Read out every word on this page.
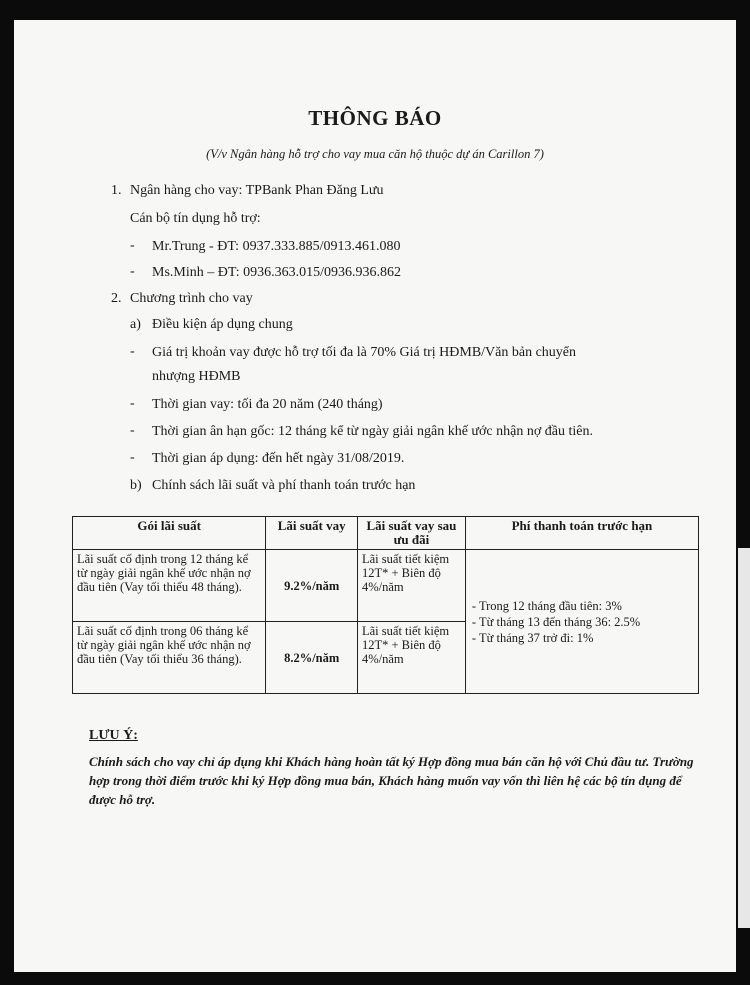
THÔNG BÁO
(V/v Ngân hàng hỗ trợ cho vay mua căn hộ thuộc dự án Carillon 7)
1. Ngân hàng cho vay: TPBank Phan Đăng Lưu
Cán bộ tín dụng hỗ trợ:
- Mr.Trung - ĐT: 0937.333.885/0913.461.080
- Ms.Minh – ĐT: 0936.363.015/0936.936.862
2. Chương trình cho vay
a) Điều kiện áp dụng chung
- Giá trị khoản vay được hỗ trợ tối đa là 70% Giá trị HĐMB/Văn bản chuyển
nhượng HĐMB
- Thời gian vay: tối đa 20 năm (240 tháng)
- Thời gian ân hạn gốc: 12 tháng kể từ ngày giải ngân khế ước nhận nợ đầu tiên.
- Thời gian áp dụng: đến hết ngày 31/08/2019.
b) Chính sách lãi suất và phí thanh toán trước hạn
Gói lãi suất	Lãi suất vay	Lãi suất vay sau ưu đãi	Phí thanh toán trước hạn
Lãi suất cố định trong 12 tháng kể từ ngày giải ngân khế ước nhận nợ đầu tiên (Vay tối thiểu 48 tháng).	9.2%/năm	Lãi suất tiết kiệm 12T* + Biên độ 4%/năm	- Trong 12 tháng đầu tiên: 3%
- Từ tháng 13 đến tháng 36: 2.5%
- Từ tháng 37 trở đi: 1%

Lãi suất cố định trong 06 tháng kể từ ngày giải ngân khế ước nhận nợ đầu tiên (Vay tối thiểu 36 tháng).	8.2%/năm	Lãi suất tiết kiệm 12T* + Biên độ 4%/năm	
LƯU Ý:
Chính sách cho vay chỉ áp dụng khi Khách hàng hoàn tất ký Hợp đồng mua bán căn hộ với Chủ đầu tư. Trường hợp trong thời điểm trước khi ký Hợp đồng mua bán, Khách hàng muốn vay vốn thì liên hệ các bộ tín dụng để được hỗ trợ.
